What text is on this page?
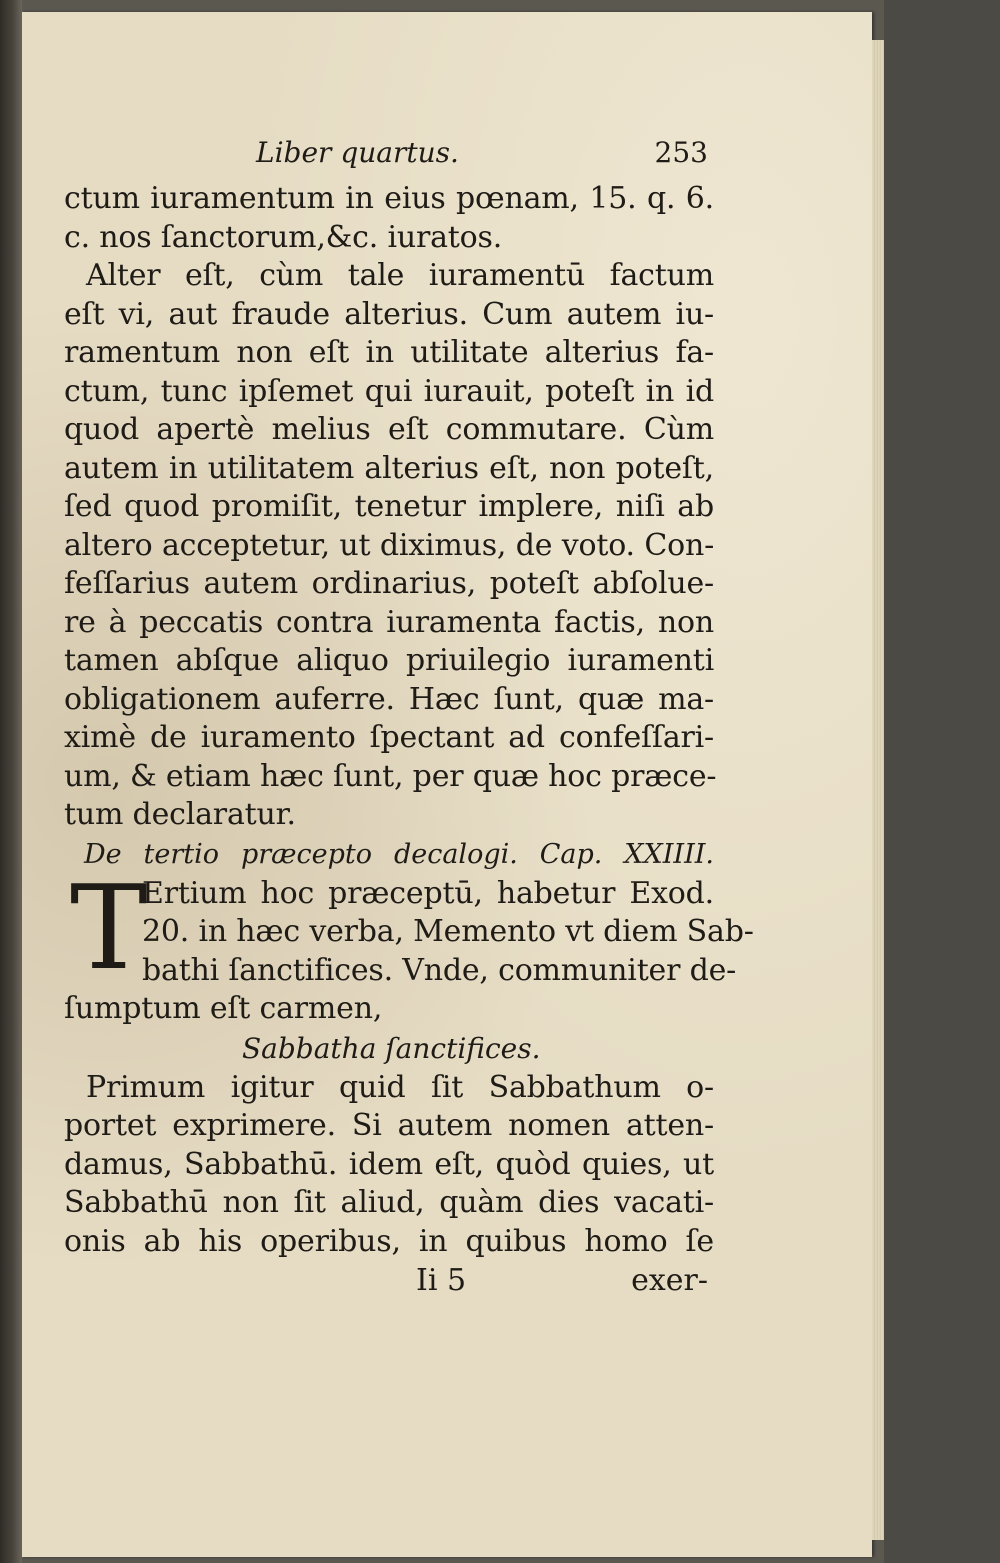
Liber quartus.	253
ctum iuramentum in eius pœnam, 15. q. 6.
c. nos ſanctorum,&c. iuratos.
Alter eſt, cùm tale iuramentū factum
eſt vi, aut fraude alterius. Cum autem iu-
ramentum non eſt in utilitate alterius fa-
ctum, tunc ipſemet qui iurauit, poteſt in id
quod apertè melius eſt commutare. Cùm
autem in utilitatem alterius eſt, non poteſt,
ſed quod promiſit, tenetur implere, niſi ab
altero acceptetur, ut diximus, de voto. Con-
feſſarius autem ordinarius, poteſt abſolue-
re à peccatis contra iuramenta factis, non
tamen abſque aliquo priuilegio iuramenti
obligationem auferre. Hæc ſunt, quæ ma-
ximè de iuramento ſpectant ad confeſſari-
um, & etiam hæc ſunt, per quæ hoc præce-
tum declaratur.
De tertio præcepto decalogi. Cap. XXIIII.
T
Ertium hoc præceptū, habetur Exod.
20. in hæc verba, Memento vt diem Sab-
bathi ſanctifices. Vnde, communiter de-
ſumptum eſt carmen,
Sabbatha ſanctifices.
Primum igitur quid ſit Sabbathum o-
portet exprimere. Si autem nomen atten-
damus, Sabbathū. idem eſt, quòd quies, ut
Sabbathū non ſit aliud, quàm dies vacati-
onis ab his operibus, in quibus homo ſe
Ii 5	exer-
